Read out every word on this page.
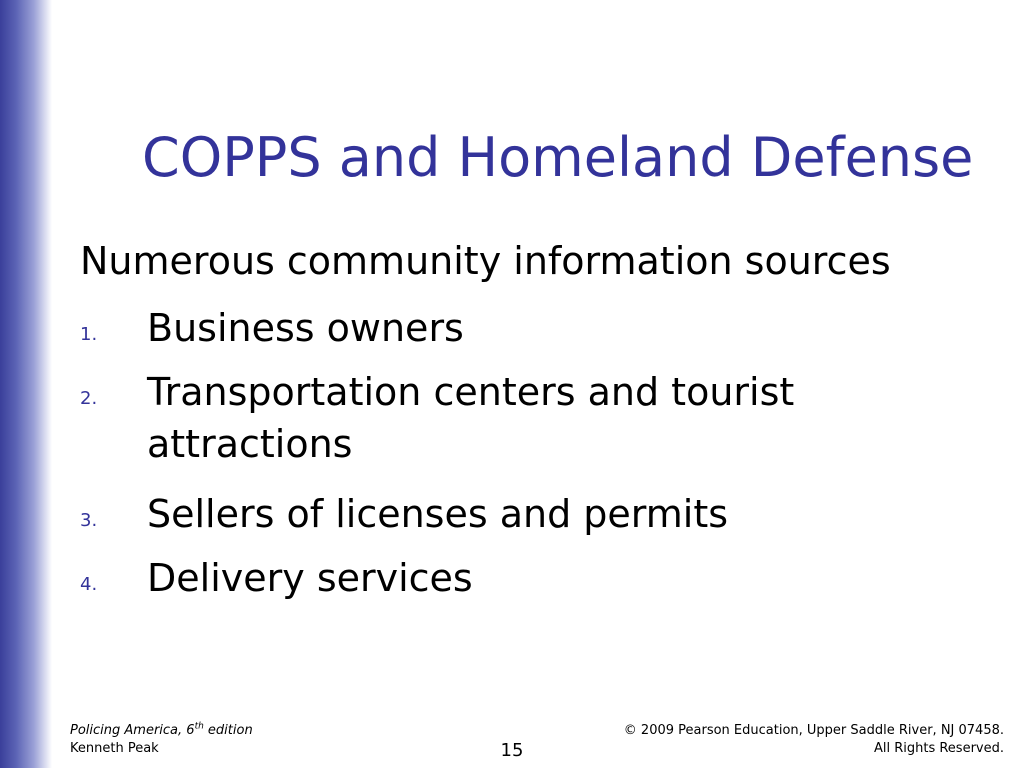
COPPS and Homeland Defense
Numerous community information sources
1. Business owners
2. Transportation centers and tourist attractions
3. Sellers of licenses and permits
4. Delivery services
Policing America, 6th edition
Kenneth Peak	15
© 2009 Pearson Education, Upper Saddle River, NJ 07458.
All Rights Reserved.
